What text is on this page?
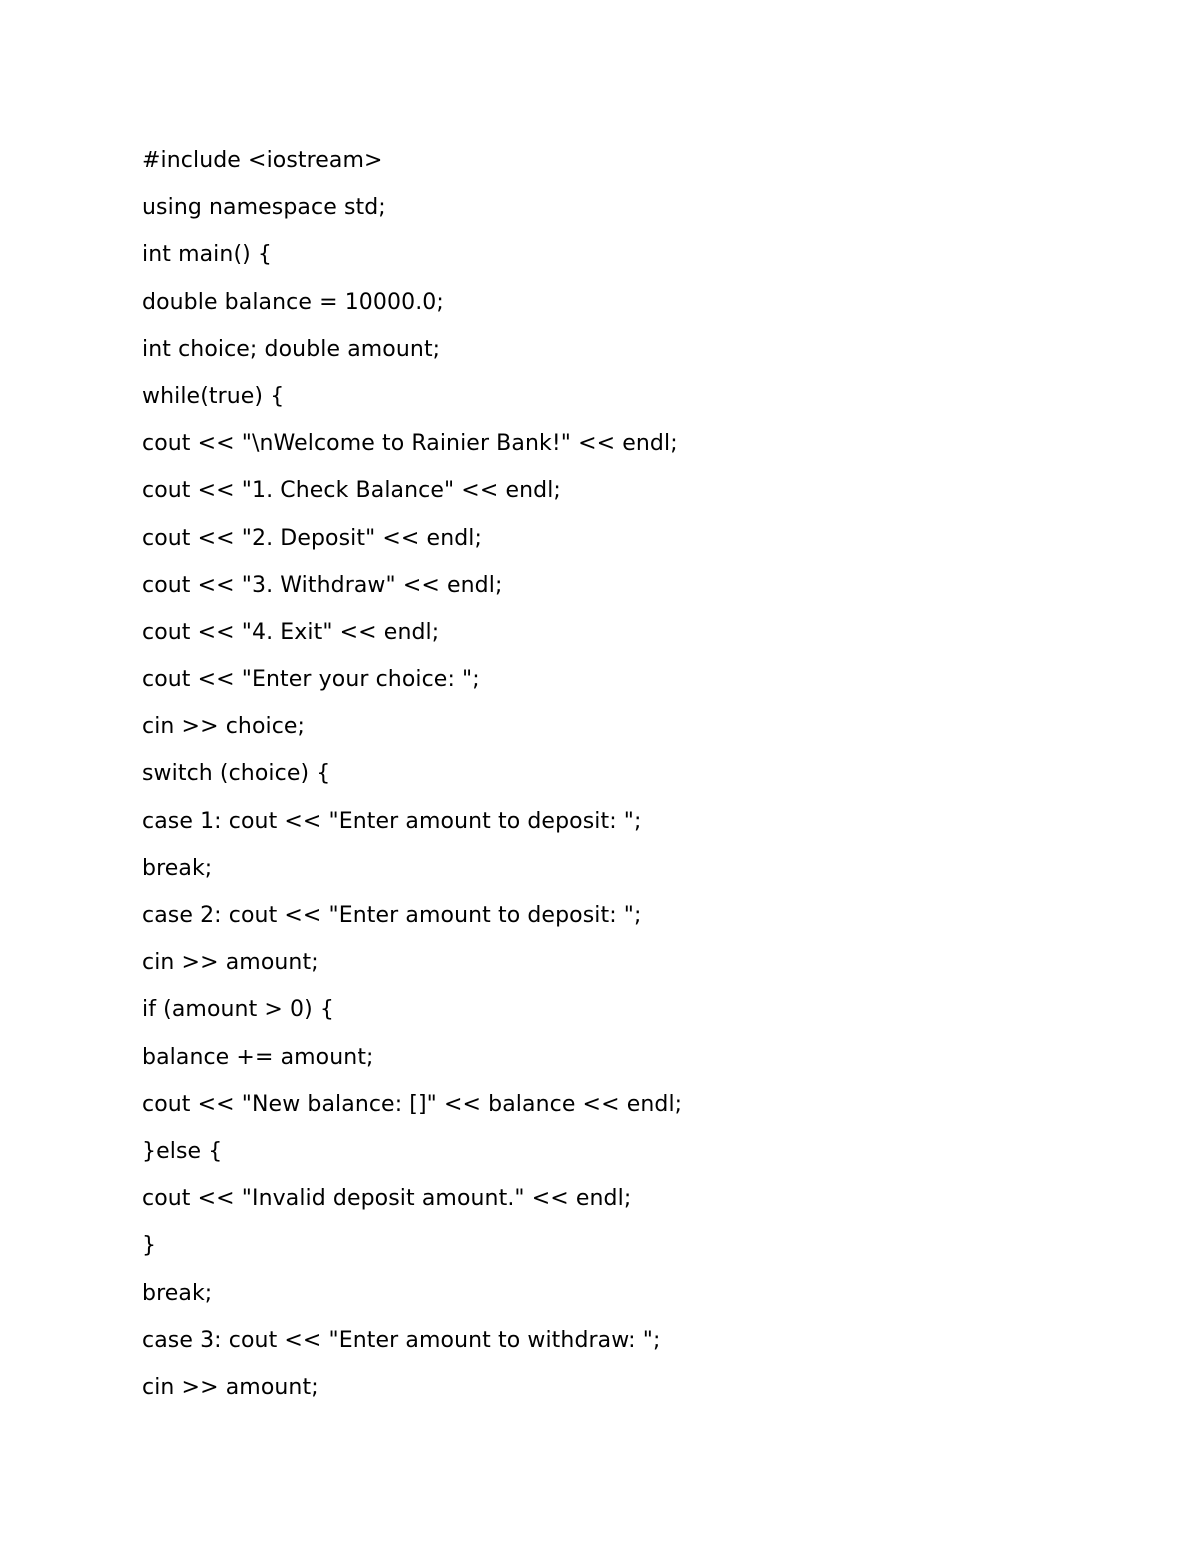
#include <iostream>
using namespace std;
int main() {
double balance = 10000.0;
int choice; double amount;
while(true) {
cout << "\nWelcome to Rainier Bank!" << endl;
cout << "1. Check Balance" << endl;
cout << "2. Deposit" << endl;
cout << "3. Withdraw" << endl;
cout << "4. Exit" << endl;
cout << "Enter your choice: ";
cin >> choice;
switch (choice) {
case 1: cout << "Enter amount to deposit: ";
break;
case 2: cout << "Enter amount to deposit: ";
cin >> amount;
if (amount > 0) {
balance += amount;
cout << "New balance: []" << balance << endl;
}else {
cout << "Invalid deposit amount." << endl;
}
break;
case 3: cout << "Enter amount to withdraw: ";
cin >> amount;
